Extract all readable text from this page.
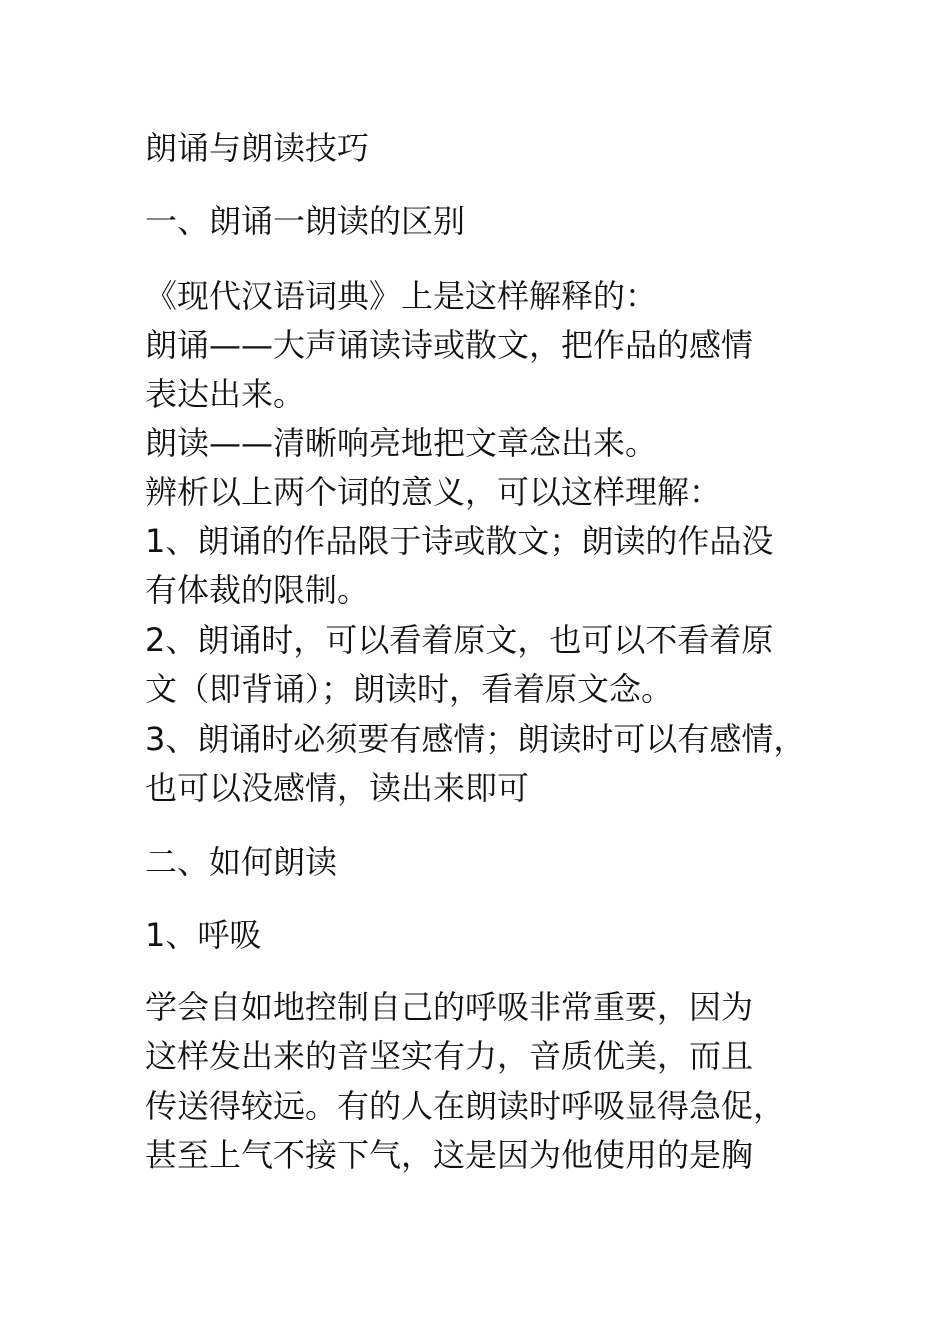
朗诵与朗读技巧
一、朗诵一朗读的区别
《现代汉语词典》上是这样解释的：
朗诵——大声诵读诗或散文，把作品的感情
表达出来。
朗读——清晰响亮地把文章念出来。
辨析以上两个词的意义，可以这样理解：
1、朗诵的作品限于诗或散文；朗读的作品没
有体裁的限制。
2、朗诵时，可以看着原文，也可以不看着原
文（即背诵）；朗读时，看着原文念。
3、朗诵时必须要有感情；朗读时可以有感情，
也可以没感情，读出来即可
二、如何朗读
1、呼吸
学会自如地控制自己的呼吸非常重要，因为
这样发出来的音坚实有力，音质优美，而且
传送得较远。有的人在朗读时呼吸显得急促，
甚至上气不接下气，这是因为他使用的是胸
